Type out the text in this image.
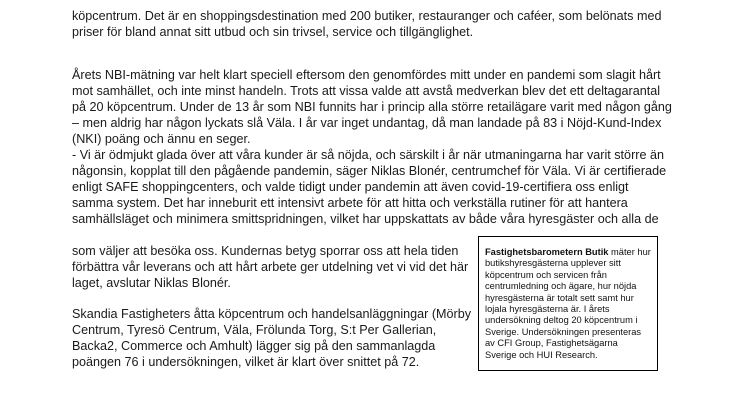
köpcentrum. Det är en shoppingsdestination med 200 butiker, restauranger och caféer, som belönats med priser för bland annat sitt utbud och sin trivsel, service och tillgänglighet.

Årets NBI-mätning var helt klart speciell eftersom den genomfördes mitt under en pandemi som slagit hårt mot samhället, och inte minst handeln. Trots att vissa valde att avstå medverkan blev det ett deltagarantal på 20 köpcentrum. Under de 13 år som NBI funnits har i princip alla större retailägare varit med någon gång – men aldrig har någon lyckats slå Väla. I år var inget undantag, då man landade på 83 i Nöjd-Kund-Index (NKI) poäng och ännu en seger.

- Vi är ödmjukt glada över att våra kunder är så nöjda, och särskilt i år när utmaningarna har varit större än någonsin, kopplat till den pågående pandemin, säger Niklas Blonér, centrumchef för Väla. Vi är certifierade enligt SAFE shoppingcenters, och valde tidigt under pandemin att även covid-19-certifiera oss enligt samma system. Det har inneburit ett intensivt arbete för att hitta och verkställa rutiner för att hantera samhällsläget och minimera smittspridningen, vilket har uppskattats av både våra hyresgäster och alla de

som väljer att besöka oss. Kundernas betyg sporrar oss att hela tiden förbättra vår leverans och att hårt arbete ger utdelning vet vi vid det här laget, avslutar Niklas Blonér.

Skandia Fastigheters åtta köpcentrum och handelsanläggningar (Mörby Centrum, Tyresö Centrum, Väla, Frölunda Torg, S:t Per Gallerian, Backa2, Commerce och Amhult) lägger sig på den sammanlagda poängen 76 i undersökningen, vilket är klart över snittet på 72.

Fastighetsbarometern Butik mäter hur butikshyresgästerna upplever sitt köpcentrum och servicen från centrumledning och ägare, hur nöjda hyresgästerna är totalt sett samt hur lojala hyresgästerna är. I årets undersökning deltog 20 köpcentrum i Sverige. Undersökningen presenteras av CFI Group, Fastighetsägarna Sverige och HUI Research.
